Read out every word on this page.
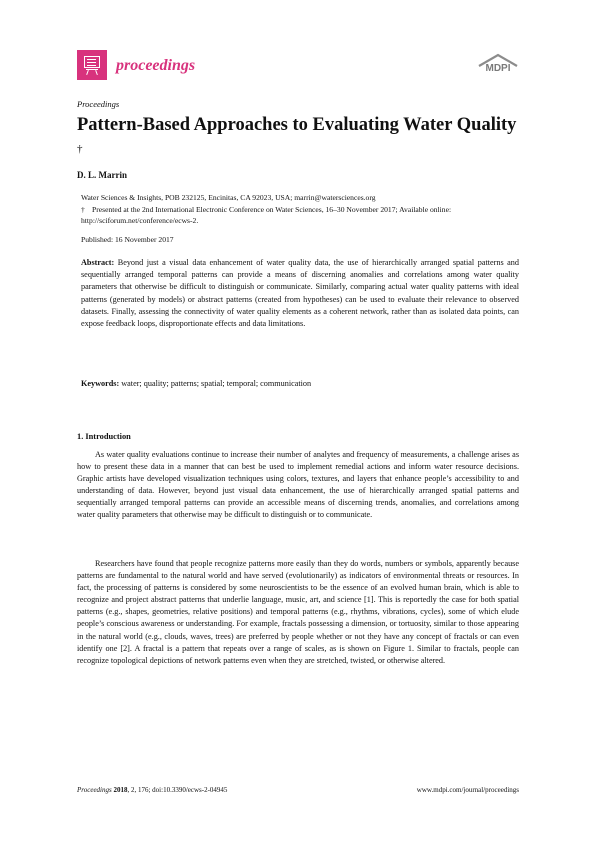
proceedings	MDPI
Proceedings
Pattern-Based Approaches to Evaluating Water Quality †
D. L. Marrin
Water Sciences & Insights, POB 232125, Encinitas, CA 92023, USA; marrin@watersciences.org
† Presented at the 2nd International Electronic Conference on Water Sciences, 16–30 November 2017; Available online: http://sciforum.net/conference/ecws-2.
Published: 16 November 2017
Abstract: Beyond just a visual data enhancement of water quality data, the use of hierarchically arranged spatial patterns and sequentially arranged temporal patterns can provide a means of discerning anomalies and correlations among water quality parameters that otherwise be difficult to distinguish or communicate. Similarly, comparing actual water quality patterns with ideal patterns (generated by models) or abstract patterns (created from hypotheses) can be used to evaluate their relevance to observed datasets. Finally, assessing the connectivity of water quality elements as a coherent network, rather than as isolated data points, can expose feedback loops, disproportionate effects and data limitations.
Keywords: water; quality; patterns; spatial; temporal; communication
1. Introduction
As water quality evaluations continue to increase their number of analytes and frequency of measurements, a challenge arises as how to present these data in a manner that can best be used to implement remedial actions and inform water resource decisions. Graphic artists have developed visualization techniques using colors, textures, and layers that enhance people’s accessibility to and understanding of data. However, beyond just visual data enhancement, the use of hierarchically arranged spatial patterns and sequentially arranged temporal patterns can provide an accessible means of discerning trends, anomalies, and correlations among water quality parameters that otherwise may be difficult to distinguish or to communicate.
Researchers have found that people recognize patterns more easily than they do words, numbers or symbols, apparently because patterns are fundamental to the natural world and have served (evolutionarily) as indicators of environmental threats or resources. In fact, the processing of patterns is considered by some neuroscientists to be the essence of an evolved human brain, which is able to recognize and project abstract patterns that underlie language, music, art, and science [1]. This is reportedly the case for both spatial patterns (e.g., shapes, geometries, relative positions) and temporal patterns (e.g., rhythms, vibrations, cycles), some of which elude people’s conscious awareness or understanding. For example, fractals possessing a dimension, or tortuosity, similar to those appearing in the natural world (e.g., clouds, waves, trees) are preferred by people whether or not they have any concept of fractals or can even identify one [2]. A fractal is a pattern that repeats over a range of scales, as is shown on Figure 1. Similar to fractals, people can recognize topological depictions of network patterns even when they are stretched, twisted, or otherwise altered.
Proceedings 2018, 2, 176; doi:10.3390/ecws-2-04945	www.mdpi.com/journal/proceedings
